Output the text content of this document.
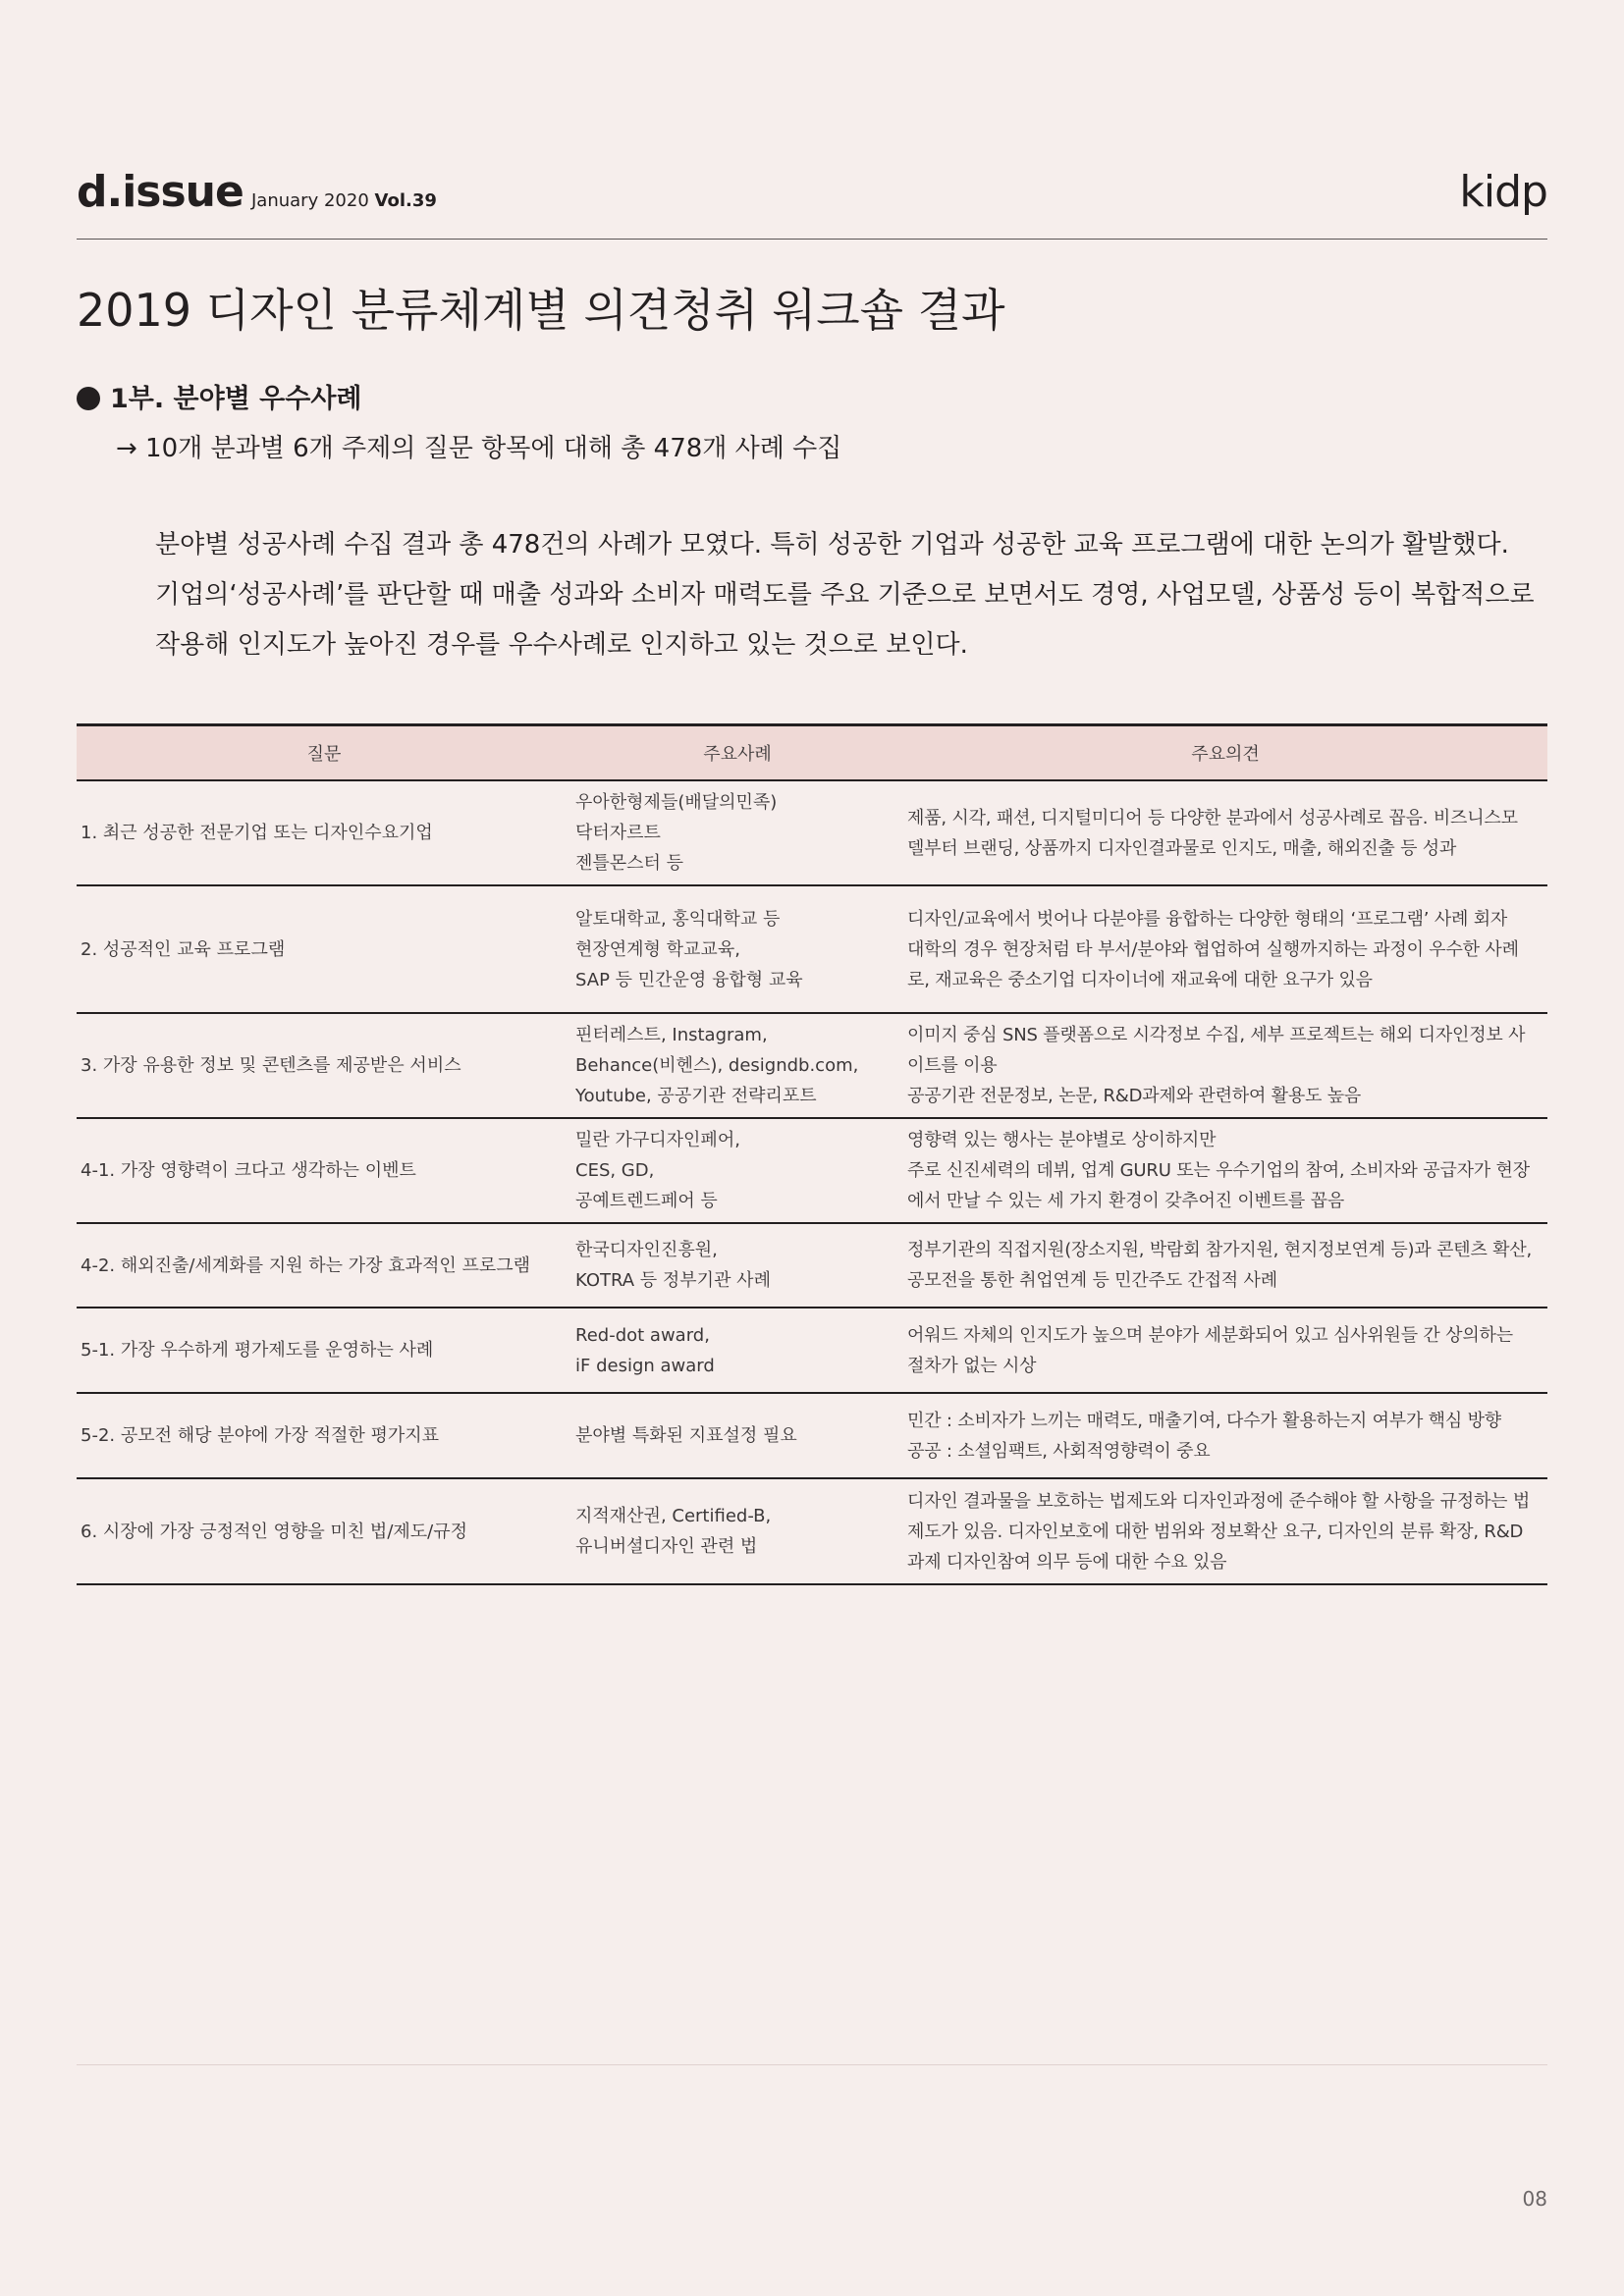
d.issue January 2020 Vol.39	kidp
2019 디자인 분류체계별 의견청취 워크숍 결과
1부. 분야별 우수사례
→ 10개 분과별 6개 주제의 질문 항목에 대해 총 478개 사례 수집
분야별 성공사례 수집 결과 총 478건의 사례가 모였다. 특히 성공한 기업과 성공한 교육 프로그램에 대한 논의가 활발했다.
기업의‘성공사례’를 판단할 때 매출 성과와 소비자 매력도를 주요 기준으로 보면서도 경영, 사업모델, 상품성 등이 복합적으로
작용해 인지도가 높아진 경우를 우수사례로 인지하고 있는 것으로 보인다.
질문	주요사례	주요의견
1. 최근 성공한 전문기업 또는 디자인수요기업	우아한형제들(배달의민족)
닥터자르트
젠틀몬스터 등	제품, 시각, 패션, 디지털미디어 등 다양한 분과에서 성공사례로 꼽음. 비즈니스모
델부터 브랜딩, 상품까지 디자인결과물로 인지도, 매출, 해외진출 등 성과

2. 성공적인 교육 프로그램	알토대학교, 홍익대학교 등
현장연계형 학교교육,
SAP 등 민간운영 융합형 교육	디자인/교육에서 벗어나 다분야를 융합하는 다양한 형태의 ‘프로그램’ 사례 회자
대학의 경우 현장처럼 타 부서/분야와 협업하여 실행까지하는 과정이 우수한 사례
로, 재교육은 중소기업 디자이너에 재교육에 대한 요구가 있음

3. 가장 유용한 정보 및 콘텐츠를 제공받은 서비스	핀터레스트, Instagram,
Behance(비헨스), designdb.com,
Youtube, 공공기관 전략리포트	이미지 중심 SNS 플랫폼으로 시각정보 수집, 세부 프로젝트는 해외 디자인정보 사
이트를 이용
공공기관 전문정보, 논문, R&D과제와 관련하여 활용도 높음

4-1. 가장 영향력이 크다고 생각하는 이벤트	밀란 가구디자인페어,
CES, GD,
공예트렌드페어 등	영향력 있는 행사는 분야별로 상이하지만
주로 신진세력의 데뷔, 업계 GURU 또는 우수기업의 참여, 소비자와 공급자가 현장
에서 만날 수 있는 세 가지 환경이 갖추어진 이벤트를 꼽음

4-2. 해외진출/세계화를 지원 하는 가장 효과적인 프로그램	한국디자인진흥원,
KOTRA 등 정부기관 사례	정부기관의 직접지원(장소지원, 박람회 참가지원, 현지정보연계 등)과 콘텐츠 확산,
공모전을 통한 취업연계 등 민간주도 간접적 사례

5-1. 가장 우수하게 평가제도를 운영하는 사례	Red-dot award,
iF design award	어워드 자체의 인지도가 높으며 분야가 세분화되어 있고 심사위원들 간 상의하는
절차가 없는 시상

5-2. 공모전 해당 분야에 가장 적절한 평가지표	분야별 특화된 지표설정 필요	민간 : 소비자가 느끼는 매력도, 매출기여, 다수가 활용하는지 여부가 핵심 방향
공공 : 소셜임팩트, 사회적영향력이 중요

6. 시장에 가장 긍정적인 영향을 미친 법/제도/규정	지적재산권, Certified-B,
유니버셜디자인 관련 법	디자인 결과물을 보호하는 법제도와 디자인과정에 준수해야 할 사항을 규정하는 법
제도가 있음. 디자인보호에 대한 범위와 정보확산 요구, 디자인의 분류 확장, R&D
과제 디자인참여 의무 등에 대한 수요 있음
08
